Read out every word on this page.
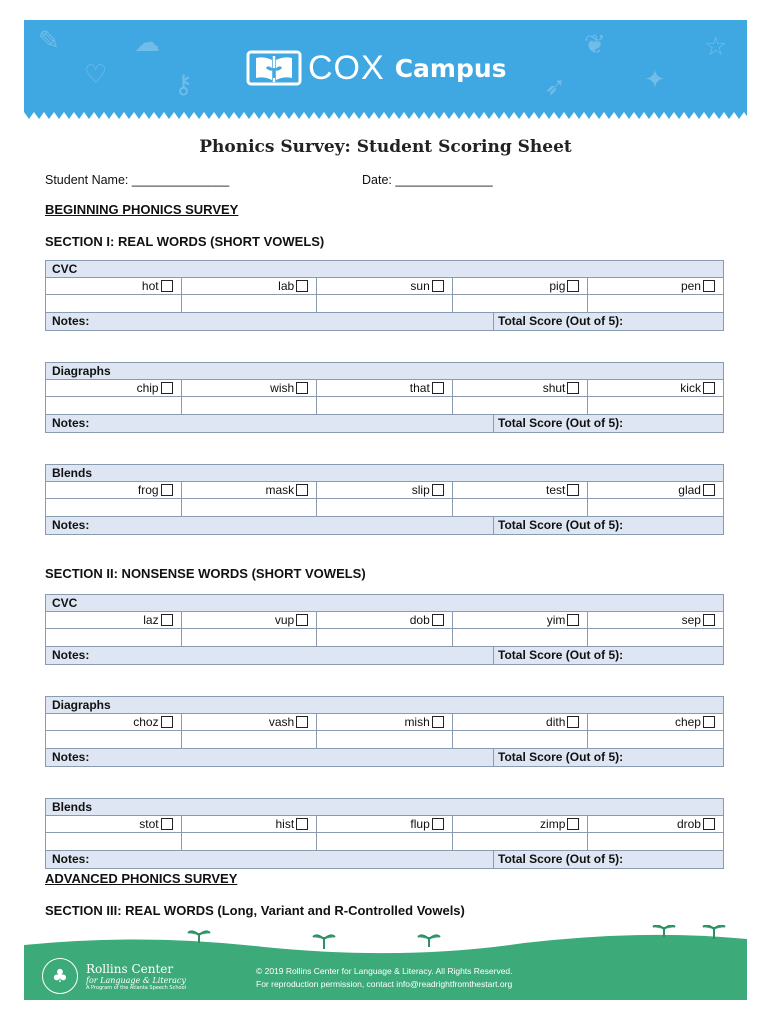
✎
♡
☁
⚷
❦
✦
☆
➶
COX Campus
Phonics Survey: Student Scoring Sheet
Student Name: ______________	Date: ______________
BEGINNING PHONICS SURVEY
SECTION I: REAL WORDS (SHORT VOWELS)
CVC
hot	lab	sun	pig	pen
Notes:	Total Score (Out of 5):
Diagraphs
chip	wish	that	shut	kick
Notes:	Total Score (Out of 5):
Blends
frog	mask	slip	test	glad
Notes:	Total Score (Out of 5):
CVC
laz	vup	dob	yim	sep
Notes:	Total Score (Out of 5):
Diagraphs
choz	vash	mish	dith	chep
Notes:	Total Score (Out of 5):
Blends
stot	hist	flup	zimp	drob
Notes:	Total Score (Out of 5):
SECTION II: NONSENSE WORDS (SHORT VOWELS)
ADVANCED PHONICS SURVEY
SECTION III: REAL WORDS (Long, Variant and R-Controlled Vowels)
♣	Rollins Center
for Language & Literacy
A Program of the Atlanta Speech School
© 2019 Rollins Center for Language & Literacy. All Rights Reserved.
For reproduction permission, contact info@readrightfromthestart.org
